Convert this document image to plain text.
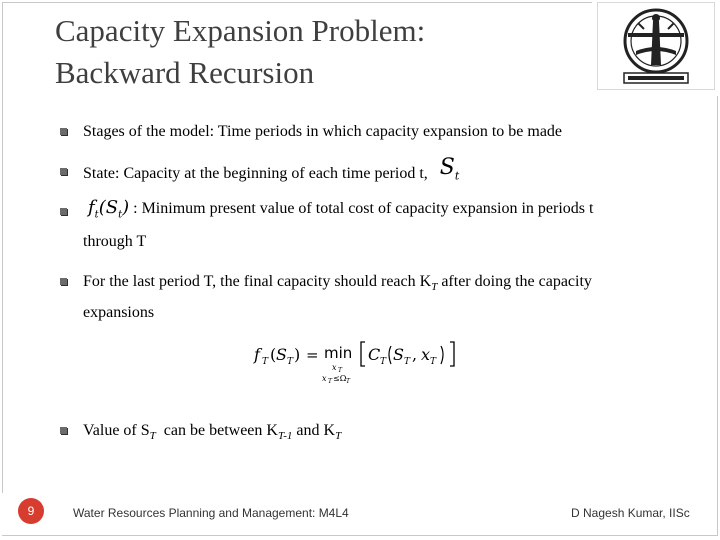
Capacity Expansion Problem:
Backward Recursion
Stages of the model: Time periods in which capacity expansion to be made
State: Capacity at the beginning of each time period t, $S_t$
$f_t(S_t)$ : Minimum present value of total cost of capacity expansion in periods t
through T
For the last period T, the final capacity should reach $K_T$ after doing the capacity
expansions
f T ( S T ) = min
x T
x T ≤Ω T
C T S T , x T
Value of $S_T$  can be between $K_{T-1}$ and $K_T$
9	Water Resources Planning and Management: M4L4	D Nagesh Kumar, IISc
